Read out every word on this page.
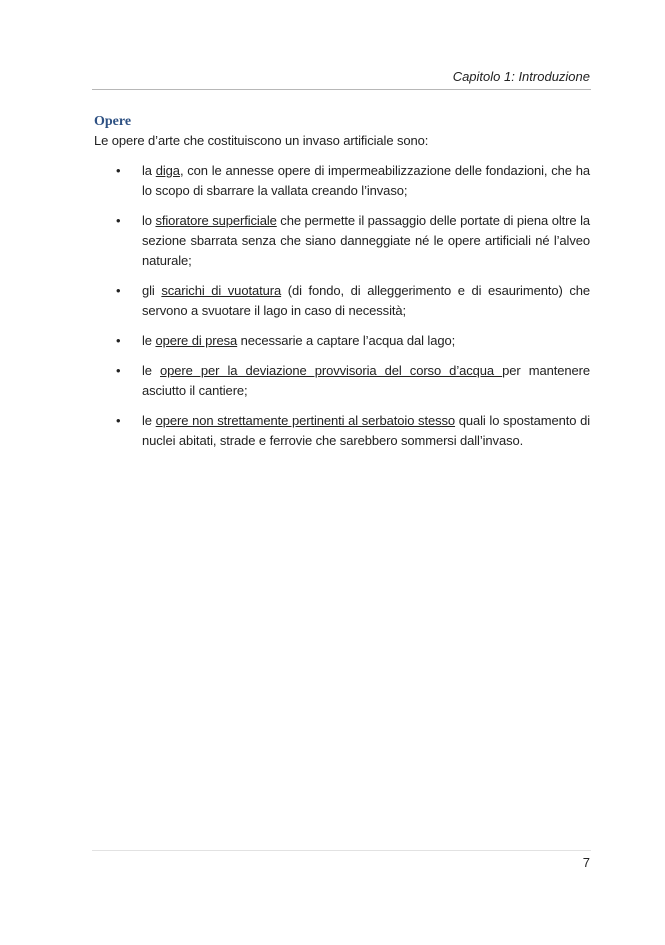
Capitolo 1: Introduzione
Opere

Le opere d’arte che costituiscono un invaso artificiale sono:

• la diga, con le annesse opere di impermeabilizzazione delle fondazioni, che ha lo scopo di sbarrare la vallata creando l’invaso;
• lo sfioratore superficiale che permette il passaggio delle portate di piena oltre la sezione sbarrata senza che siano danneggiate né le opere artificiali né l’alveo naturale;
• gli scarichi di vuotatura (di fondo, di alleggerimento e di esaurimento) che servono a svuotare il lago in caso di necessità;
• le opere di presa necessarie a captare l’acqua dal lago;
• le opere per la deviazione provvisoria del corso d’acqua per mantenere asciutto il cantiere;
• le opere non strettamente pertinenti al serbatoio stesso quali lo spostamento di nuclei abitati, strade e ferrovie che sarebbero sommersi dall’invaso.
7
